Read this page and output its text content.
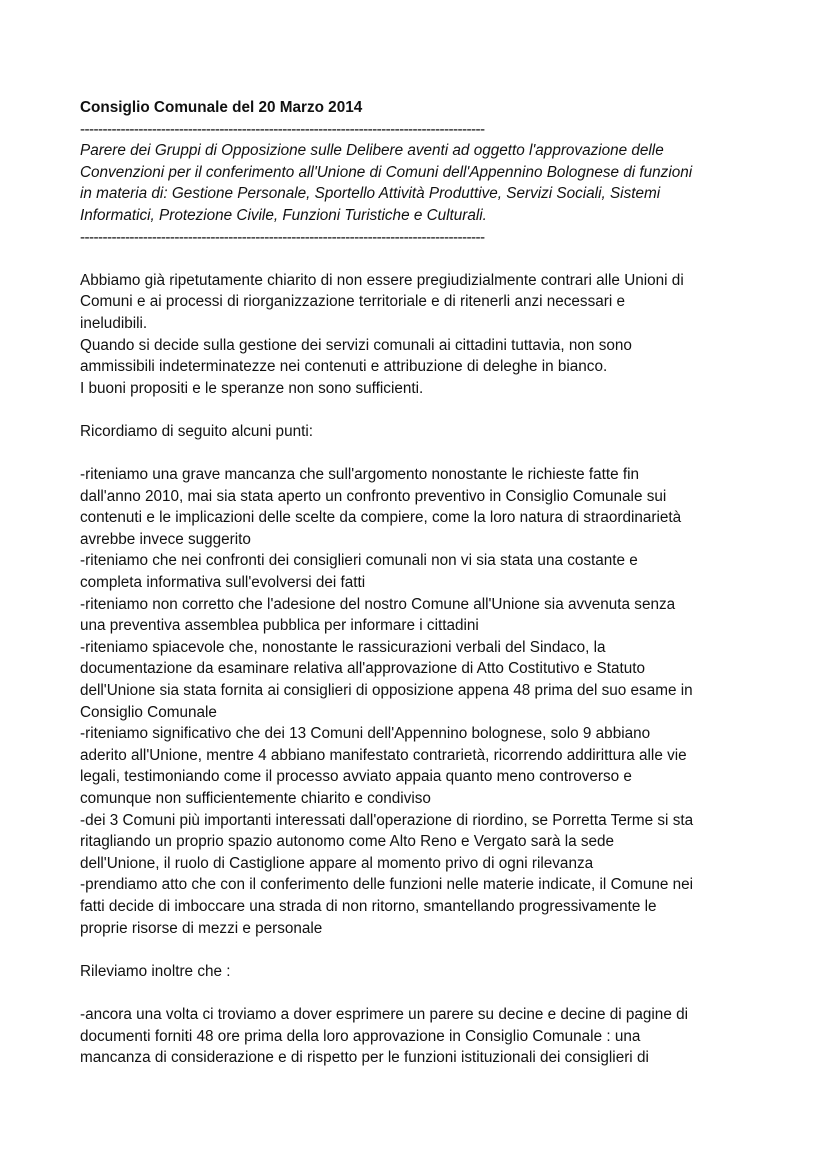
Consiglio Comunale del 20 Marzo 2014

------------------------------------------------------------------------------------------

Parere dei Gruppi di Opposizione sulle Delibere aventi ad oggetto l'approvazione delle
Convenzioni per il conferimento all'Unione di Comuni dell'Appennino Bolognese di funzioni
in materia di: Gestione Personale, Sportello Attività Produttive, Servizi Sociali, Sistemi
Informatici, Protezione Civile, Funzioni Turistiche e Culturali.

------------------------------------------------------------------------------------------

Abbiamo già ripetutamente chiarito di non essere pregiudizialmente contrari alle Unioni di
Comuni e ai processi di riorganizzazione territoriale e di ritenerli anzi necessari e
ineludibili.
Quando si decide sulla gestione dei servizi comunali ai cittadini tuttavia, non sono
ammissibili indeterminatezze nei contenuti e attribuzione di deleghe in bianco.
I buoni propositi e le speranze non sono sufficienti.

Ricordiamo di seguito alcuni punti:

-riteniamo una grave mancanza che sull'argomento nonostante le richieste fatte fin
dall'anno 2010, mai sia stata aperto un confronto preventivo in Consiglio Comunale sui
contenuti e le implicazioni delle scelte da compiere, come la loro natura di straordinarietà
avrebbe invece suggerito
-riteniamo che nei confronti dei consiglieri comunali non vi sia stata una costante e
completa informativa sull'evolversi dei fatti
-riteniamo non corretto che l'adesione del nostro Comune all'Unione sia avvenuta senza
una preventiva assemblea pubblica per informare i cittadini
-riteniamo spiacevole che, nonostante le rassicurazioni verbali del Sindaco, la
documentazione da esaminare relativa all'approvazione di Atto Costitutivo e Statuto
dell'Unione sia stata fornita ai consiglieri di opposizione appena 48 prima del suo esame in
Consiglio Comunale
-riteniamo significativo che dei 13 Comuni dell'Appennino bolognese, solo 9 abbiano
aderito all'Unione, mentre 4 abbiano manifestato contrarietà, ricorrendo addirittura alle vie
legali, testimoniando come il processo avviato appaia quanto meno controverso e
comunque non sufficientemente chiarito e condiviso
-dei 3 Comuni più importanti interessati dall'operazione di riordino, se Porretta Terme si sta
ritagliando un proprio spazio autonomo come Alto Reno e Vergato sarà la sede
dell'Unione, il ruolo di Castiglione appare al momento privo di ogni rilevanza
-prendiamo atto che con il conferimento delle funzioni nelle materie indicate, il Comune nei
fatti decide di imboccare una strada di non ritorno, smantellando progressivamente le
proprie risorse di mezzi e personale

Rileviamo inoltre che :

-ancora una volta ci troviamo a dover esprimere un parere su decine e decine di pagine di
documenti forniti 48 ore prima della loro approvazione in Consiglio Comunale : una
mancanza di considerazione e di rispetto per le funzioni istituzionali dei consiglieri di
